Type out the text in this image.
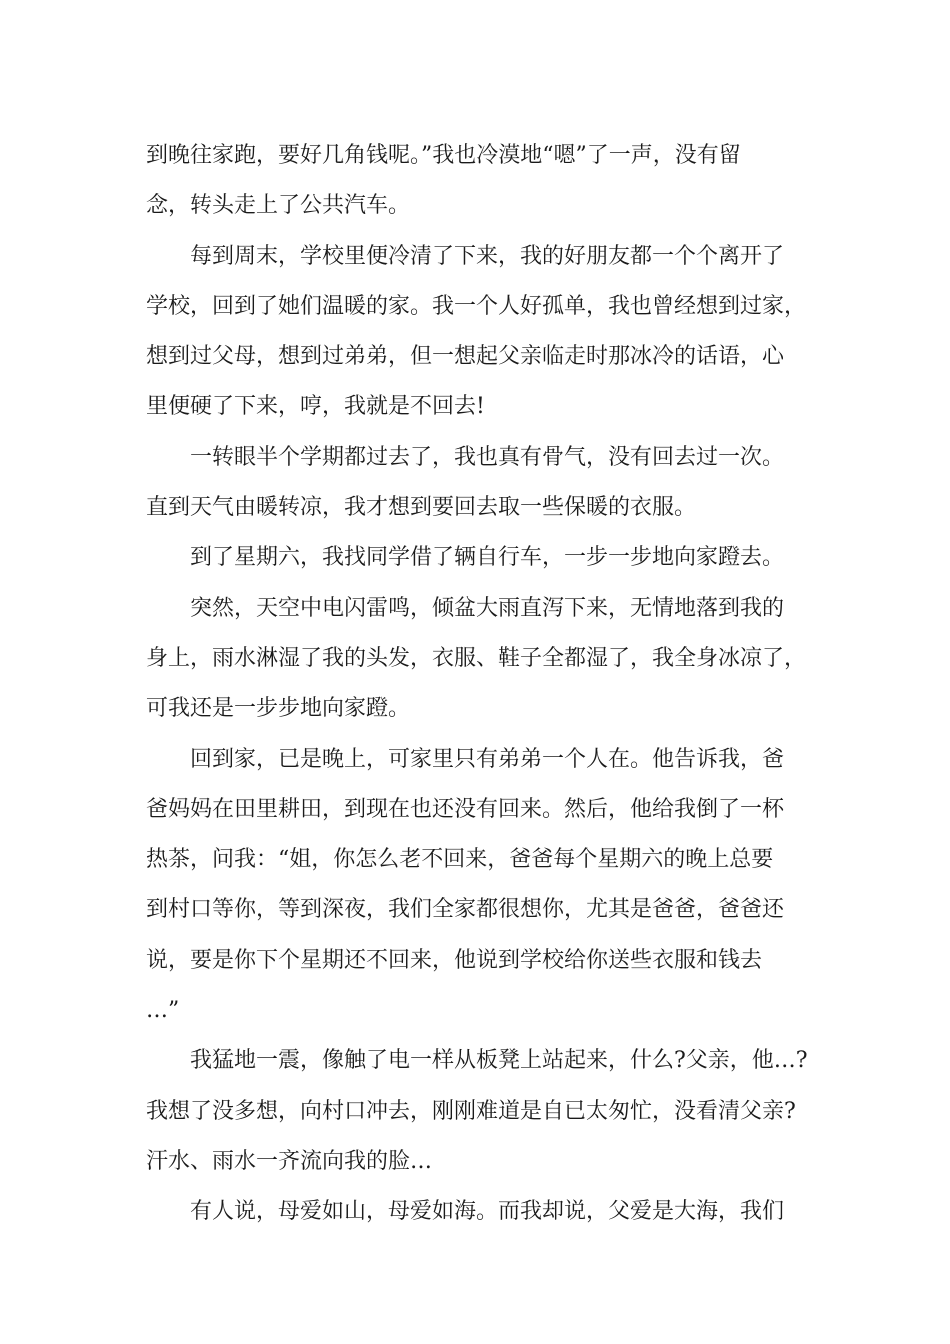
到晚往家跑，要好几角钱呢。”我也冷漠地“嗯”了一声，没有留
念，转头走上了公共汽车。
每到周末，学校里便冷清了下来，我的好朋友都一个个离开了
学校，回到了她们温暖的家。我一个人好孤单，我也曾经想到过家，
想到过父母，想到过弟弟，但一想起父亲临走时那冰冷的话语，心
里便硬了下来，哼，我就是不回去!
一转眼半个学期都过去了，我也真有骨气，没有回去过一次。
直到天气由暖转凉，我才想到要回去取一些保暖的衣服。
到了星期六，我找同学借了辆自行车，一步一步地向家蹬去。
突然，天空中电闪雷鸣，倾盆大雨直泻下来，无情地落到我的
身上，雨水淋湿了我的头发，衣服、鞋子全都湿了，我全身冰凉了，
可我还是一步步地向家蹬。
回到家，已是晚上，可家里只有弟弟一个人在。他告诉我，爸
爸妈妈在田里耕田，到现在也还没有回来。然后，他给我倒了一杯
热茶，问我：“姐，你怎么老不回来，爸爸每个星期六的晚上总要
到村口等你，等到深夜，我们全家都很想你，尤其是爸爸，爸爸还
说，要是你下个星期还不回来，他说到学校给你送些衣服和钱去
…”
我猛地一震，像触了电一样从板凳上站起来，什么?父亲，他…?
我想了没多想，向村口冲去，刚刚难道是自已太匆忙，没看清父亲?
汗水、雨水一齐流向我的脸…
有人说，母爱如山，母爱如海。而我却说，父爱是大海，我们
